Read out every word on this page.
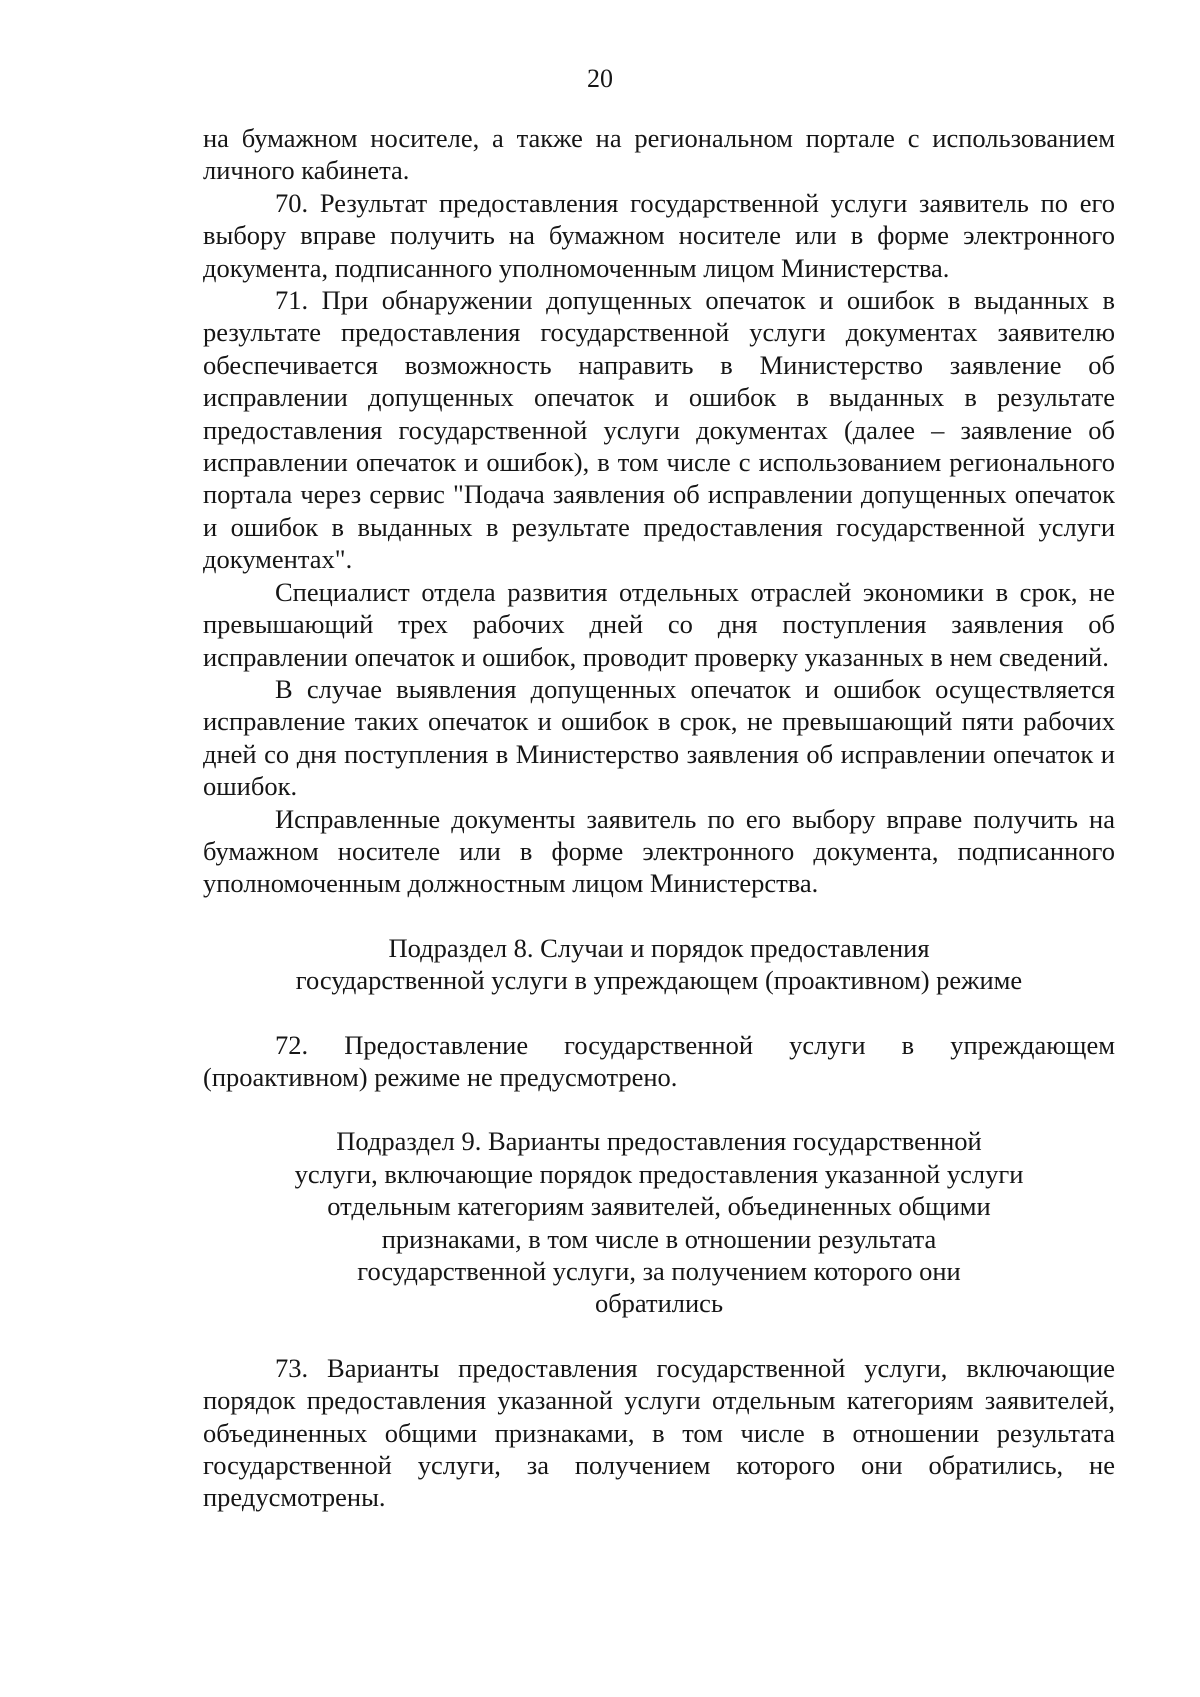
20

на бумажном носителе, а также на региональном портале с использованием личного кабинета.

70. Результат предоставления государственной услуги заявитель по его выбору вправе получить на бумажном носителе или в форме электронного документа, подписанного уполномоченным лицом Министерства.

71. При обнаружении допущенных опечаток и ошибок в выданных в результате предоставления государственной услуги документах заявителю обеспечивается возможность направить в Министерство заявление об исправлении допущенных опечаток и ошибок в выданных в результате предоставления государственной услуги документах (далее – заявление об исправлении опечаток и ошибок), в том числе с использованием регионального портала через сервис "Подача заявления об исправлении допущенных опечаток и ошибок в выданных в результате предоставления государственной услуги документах".

Специалист отдела развития отдельных отраслей экономики в срок, не превышающий трех рабочих дней со дня поступления заявления об исправлении опечаток и ошибок, проводит проверку указанных в нем сведений.

В случае выявления допущенных опечаток и ошибок осуществляется исправление таких опечаток и ошибок в срок, не превышающий пяти рабочих дней со дня поступления в Министерство заявления об исправлении опечаток и ошибок.

Исправленные документы заявитель по его выбору вправе получить на бумажном носителе или в форме электронного документа, подписанного уполномоченным должностным лицом Министерства.

Подраздел 8. Случаи и порядок предоставления
государственной услуги в упреждающем (проактивном) режиме

72. Предоставление государственной услуги в упреждающем (проактивном) режиме не предусмотрено.

Подраздел 9. Варианты предоставления государственной
услуги, включающие порядок предоставления указанной услуги
отдельным категориям заявителей, объединенных общими
признаками, в том числе в отношении результата
государственной услуги, за получением которого они
обратились

73. Варианты предоставления государственной услуги, включающие порядок предоставления указанной услуги отдельным категориям заявителей, объединенных общими признаками, в том числе в отношении результата государственной услуги, за получением которого они обратились, не предусмотрены.
